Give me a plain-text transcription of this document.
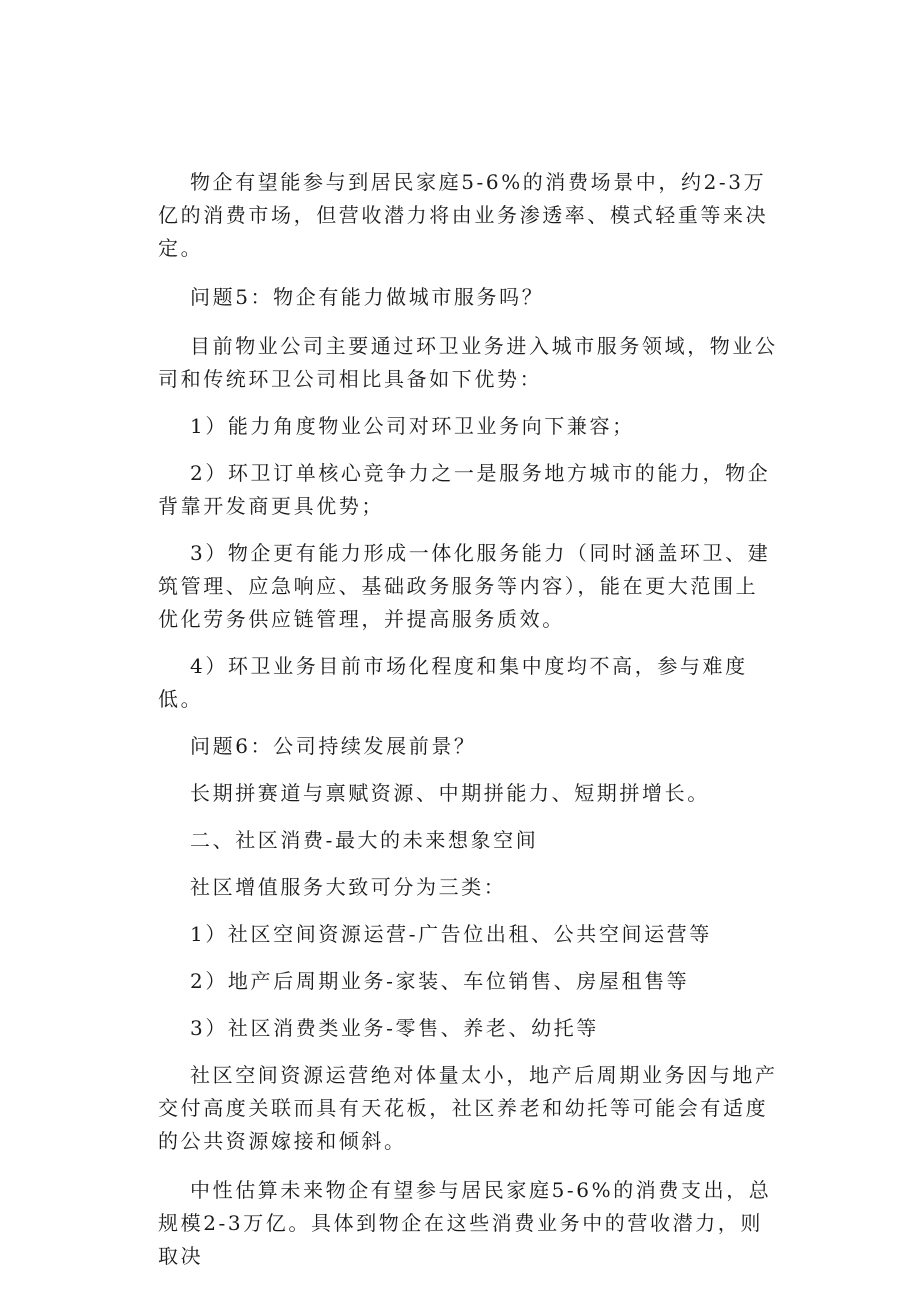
物企有望能参与到居民家庭5-6%的消费场景中，约2-3万亿的消费市场，但营收潜力将由业务渗透率、模式轻重等来决定。

问题5：物企有能力做城市服务吗？

目前物业公司主要通过环卫业务进入城市服务领域，物业公司和传统环卫公司相比具备如下优势：

1）能力角度物业公司对环卫业务向下兼容；

2）环卫订单核心竞争力之一是服务地方城市的能力，物企背靠开发商更具优势；

3）物企更有能力形成一体化服务能力（同时涵盖环卫、建筑管理、应急响应、基础政务服务等内容），能在更大范围上优化劳务供应链管理，并提高服务质效。

4）环卫业务目前市场化程度和集中度均不高，参与难度低。

问题6：公司持续发展前景？

长期拼赛道与禀赋资源、中期拼能力、短期拼增长。

二、社区消费-最大的未来想象空间

社区增值服务大致可分为三类：

1）社区空间资源运营-广告位出租、公共空间运营等

2）地产后周期业务-家装、车位销售、房屋租售等

3）社区消费类业务-零售、养老、幼托等

社区空间资源运营绝对体量太小，地产后周期业务因与地产交付高度关联而具有天花板，社区养老和幼托等可能会有适度的公共资源嫁接和倾斜。

中性估算未来物企有望参与居民家庭5-6%的消费支出，总规模2-3万亿。具体到物企在这些消费业务中的营收潜力，则取决
